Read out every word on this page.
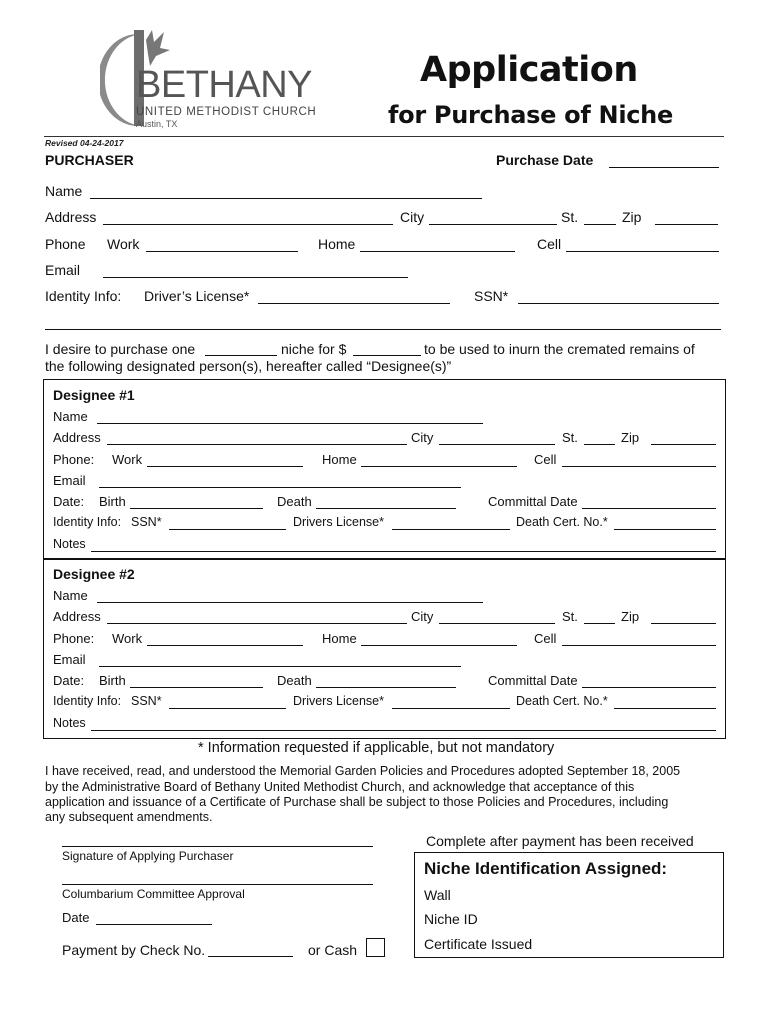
BETHANY
UNITED METHODIST CHURCH
Austin, TX
Application
for Purchase of Niche
Revised 04-24-2017
PURCHASER	Purchase Date
Name
Address	City	St.	Zip
Phone Work	Home	Cell
Email
Identity Info: Driver’s License*	SSN*
I desire to purchase one	niche for $	to be used to inurn the cremated remains of
the following designated person(s), hereafter called “Designee(s)”
Designee #1
Name
Address	City	St.	Zip
Phone: Work	Home	Cell
Email
Date: Birth	Death	Committal Date
Identity Info: SSN*	Drivers License*	Death Cert. No.*
Notes
Designee #2
Name
Address	City	St.	Zip
Phone: Work	Home	Cell
Email
Date: Birth	Death	Committal Date
Identity Info: SSN*	Drivers License*	Death Cert. No.*
Notes
* Information requested if applicable, but not mandatory
I have received, read, and understood the Memorial Garden Policies and Procedures adopted September 18, 2005
by the Administrative Board of Bethany United Methodist Church, and acknowledge that acceptance of this
application and issuance of a Certificate of Purchase shall be subject to those Policies and Procedures, including
any subsequent amendments.
Signature of Applying Purchaser
Columbarium Committee Approval
Date
Payment by Check No.	or Cash
Complete after payment has been received
Niche Identification Assigned:
Wall
Niche ID
Certificate Issued
